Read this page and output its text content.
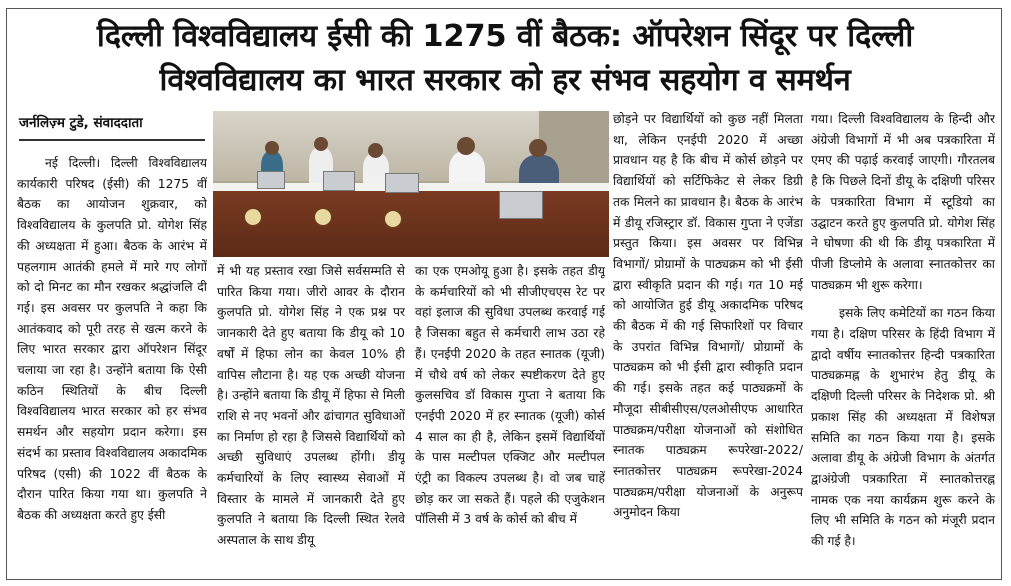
दिल्ली विश्वविद्यालय ईसी की 1275 वीं बैठक: ऑपरेशन सिंदूर पर दिल्ली
विश्वविद्यालय का भारत सरकार को हर संभव सहयोग व समर्थन
जर्नलिज़्म टुडे, संवाददाता

नई दिल्ली। दिल्ली विश्वविद्यालय कार्यकारी परिषद (ईसी) की 1275 वीं बैठक का आयोजन शुक्रवार, को विश्वविद्यालय के कुलपति प्रो. योगेश सिंह की अध्यक्षता में हुआ। बैठक के आरंभ में पहलगाम आतंकी हमले में मारे गए लोगों को दो मिनट का मौन रखकर श्रद्धांजलि दी गई। इस अवसर पर कुलपति ने कहा कि आतंकवाद को पूरी तरह से खत्म करने के लिए भारत सरकार द्वारा ऑपरेशन सिंदूर चलाया जा रहा है। उन्होंने बताया कि ऐसी कठिन स्थितियों के बीच दिल्ली विश्वविद्यालय भारत सरकार को हर संभव समर्थन और सहयोग प्रदान करेगा। इस संदर्भ का प्रस्ताव विश्वविद्यालय अकादमिक परिषद (एसी) की 1022 वीं बैठक के दौरान पारित किया गया था। कुलपति ने बैठक की अध्यक्षता करते हुए ईसी

में भी यह प्रस्ताव रखा जिसे सर्वसम्मति से पारित किया गया। जीरो आवर के दौरान कुलपति प्रो. योगेश सिंह ने एक प्रश्न पर जानकारी देते हुए बताया कि डीयू को 10 वर्षों में हिफा लोन का केवल 10% ही वापिस लौटाना है। यह एक अच्छी योजना है। उन्होंने बताया कि डीयू में हिफा से मिली राशि से नए भवनों और ढांचागत सुविधाओं का निर्माण हो रहा है जिससे विद्यार्थियों को अच्छी सुविधाएं उपलब्ध होंगी। डीयू कर्मचारियों के लिए स्वास्थ्य सेवाओं में विस्तार के मामले में जानकारी देते हुए कुलपति ने बताया कि दिल्ली स्थित रेलवे अस्पताल के साथ डीयू

का एक एमओयू हुआ है। इसके तहत डीयू के कर्मचारियों को भी सीजीएचएस रेट पर वहां इलाज की सुविधा उपलब्ध करवाई गई है जिसका बहुत से कर्मचारी लाभ उठा रहे हैं। एनईपी 2020 के तहत स्नातक (यूजी) में चौथे वर्ष को लेकर स्पष्टीकरण देते हुए कुलसचिव डॉ विकास गुप्ता ने बताया कि एनईपी 2020 में हर स्नातक (यूजी) कोर्स 4 साल का ही है, लेकिन इसमें विद्यार्थियों के पास मल्टीपल एक्जिट और मल्टीपल एंट्री का विकल्प उपलब्ध है। वो जब चाहें छोड़ कर जा सकते हैं। पहले की एजुकेशन पॉलिसी में 3 वर्ष के कोर्स को बीच में

छोड़ने पर विद्यार्थियों को कुछ नहीं मिलता था, लेकिन एनईपी 2020 में अच्छा प्रावधान यह है कि बीच में कोर्स छोड़ने पर विद्यार्थियों को सर्टिफिकेट से लेकर डिग्री तक मिलने का प्रावधान है। बैठक के आरंभ में डीयू रजिस्ट्रार डॉ. विकास गुप्ता ने एजेंडा प्रस्तुत किया। इस अवसर पर विभिन्न विभागों/ प्रोग्रामों के पाठ्यक्रम को भी ईसी द्वारा स्वीकृति प्रदान की गई। गत 10 मई को आयोजित हुई डीयू अकादमिक परिषद की बैठक में की गई सिफारिशों पर विचार के उपरांत विभिन्न विभागों/ प्रोग्रामों के पाठ्यक्रम को भी ईसी द्वारा स्वीकृति प्रदान की गई। इसके तहत कई पाठ्यक्रमों के मौजूदा सीबीसीएस/एलओसीएफ आधारित पाठ्यक्रम/परीक्षा योजनाओं को संशोधित स्नातक पाठ्यक्रम रूपरेखा-2022/स्नातकोत्तर पाठ्यक्रम रूपरेखा-2024 पाठ्यक्रम/परीक्षा योजनाओं के अनुरूप अनुमोदन किया

गया। दिल्ली विश्वविद्यालय के हिन्दी और अंग्रेजी विभागों में भी अब पत्रकारिता में एमए की पढ़ाई करवाई जाएगी। गौरतलब है कि पिछले दिनों डीयू के दक्षिणी परिसर के पत्रकारिता विभाग में स्टूडियो का उद्घाटन करते हुए कुलपति प्रो. योगेश सिंह ने घोषणा की थी कि डीयू पत्रकारिता में पीजी डिप्लोमे के अलावा स्नातकोत्तर का पाठ्यक्रम भी शुरू करेगा।

इसके लिए कमेटियों का गठन किया गया है। दक्षिण परिसर के हिंदी विभाग में द्वादो वर्षीय स्नातकोत्तर हिन्दी पत्रकारिता पाठ्यक्रमह्न के शुभारंभ हेतु डीयू के दक्षिणी दिल्ली परिसर के निदेशक प्रो. श्री प्रकाश सिंह की अध्यक्षता में विशेषज्ञ समिति का गठन किया गया है। इसके अलावा डीयू के अंग्रेजी विभाग के अंतर्गत द्वाअंग्रेजी पत्रकारिता में स्नातकोत्तरह्न नामक एक नया कार्यक्रम शुरू करने के लिए भी समिति के गठन को मंजूरी प्रदान की गई है।
